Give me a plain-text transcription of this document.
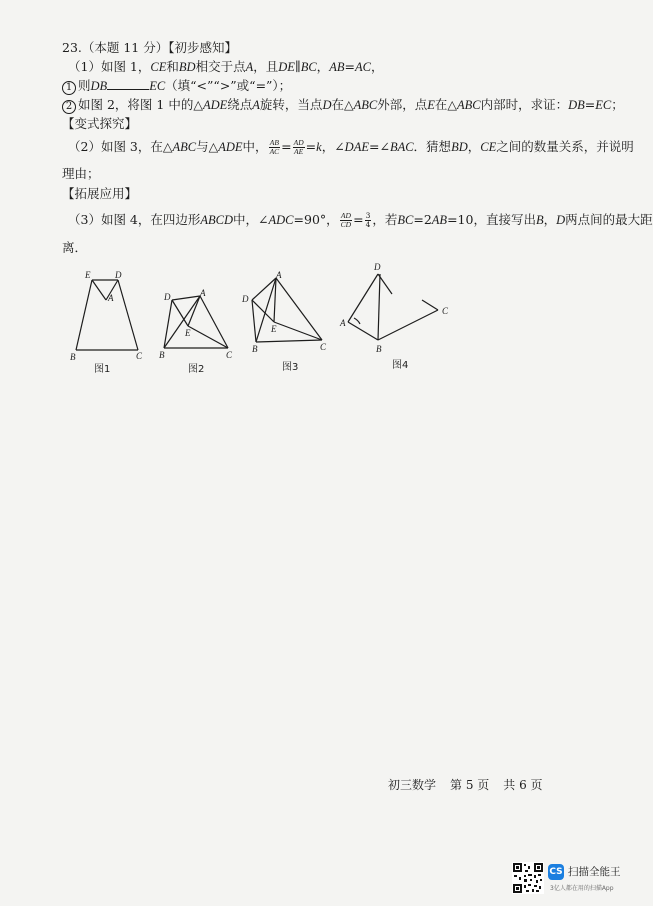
23.（本题 11 分）【初步感知】
（1）如图 1，CE和BD相交于点A，且DE∥BC，AB=AC，
1 则DB	EC（填“<”“>”或“=”）；
2 如图 2，将图 1 中的△ADE绕点A旋转，当点D在△ABC外部，点E在△ABC内部时，求证：DB=EC；
【变式探究】
（2）如图 3，在△ABC与△ADE中， $\frac{AB}{AC} = \frac{AD}{AE} =k$，∠DAE=∠BAC．猜想BD，CE之间的数量关系，并说明
理由；
【拓展应用】
（3）如图 4，在四边形ABCD中，∠ADC=90°， $\frac{AD}{CD} = \frac{3}{4}$ ，若BC=2AB=10，直接写出B，D两点间的最大距
离．
E	D
A
B	C
图1
D	A
E
B	C
图2
A
D
E
B	C
图3
D
A
B
C
图4
初三数学 第 5 页 共 6 页
CS 扫描全能王
3亿人都在用的扫描App
